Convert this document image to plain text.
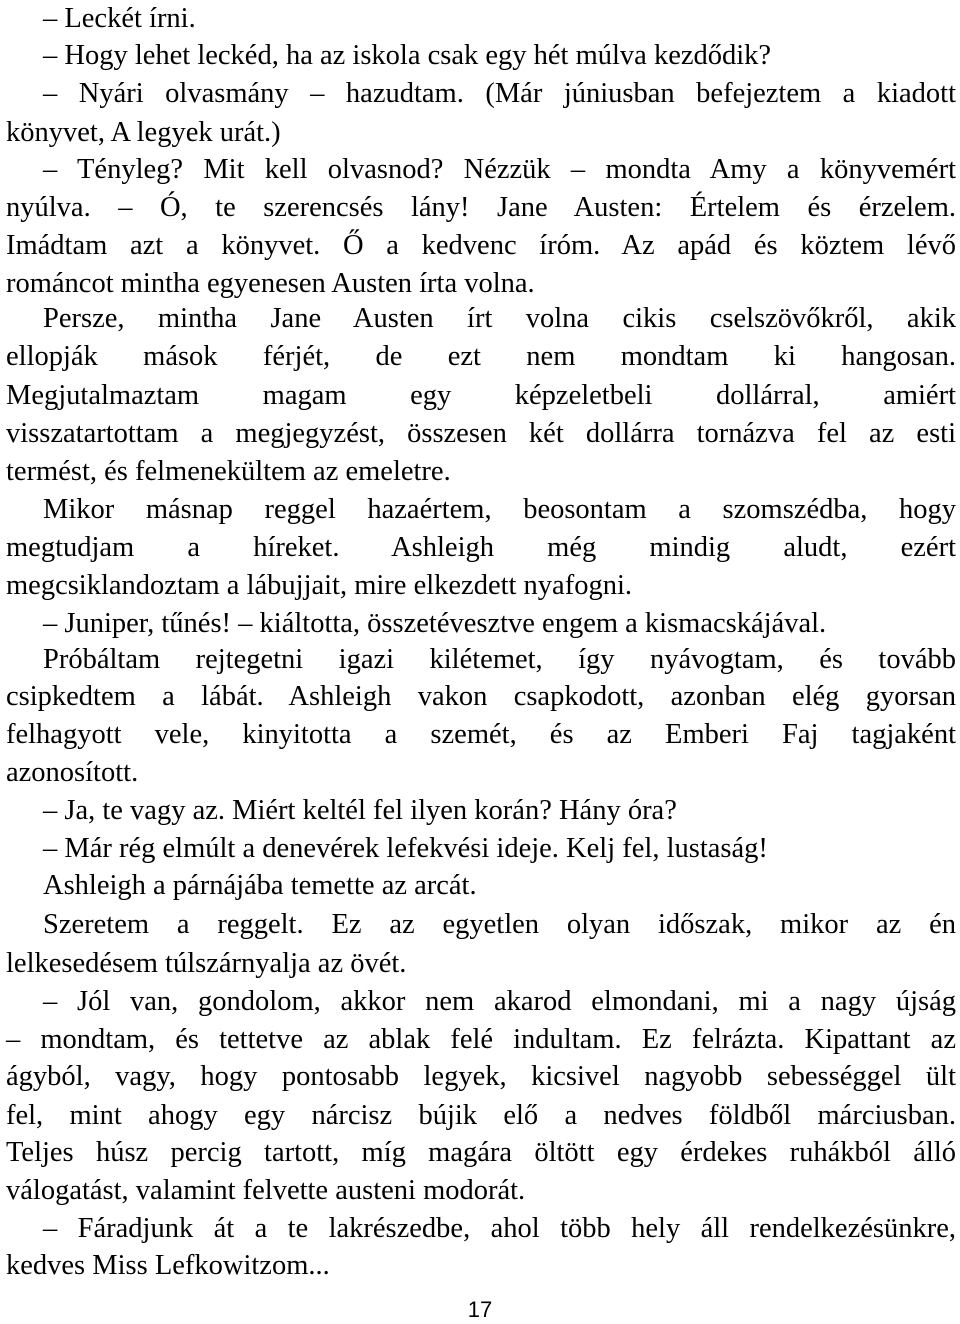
– Leckét írni.
– Hogy lehet leckéd, ha az iskola csak egy hét múlva kezdődik?
– Nyári olvasmány – hazudtam. (Már júniusban befejeztem a kiadott
könyvet, A legyek urát.)
– Tényleg? Mit kell olvasnod? Nézzük – mondta Amy a könyvemért
nyúlva. – Ó, te szerencsés lány! Jane Austen: Értelem és érzelem.
Imádtam azt a könyvet. Ő a kedvenc íróm. Az apád és köztem lévő
románcot mintha egyenesen Austen írta volna.
Persze, mintha Jane Austen írt volna cikis cselszövőkről, akik
ellopják mások férjét, de ezt nem mondtam ki hangosan.
Megjutalmaztam magam egy képzeletbeli dollárral, amiért
visszatartottam a megjegyzést, összesen két dollárra tornázva fel az esti
termést, és felmenekültem az emeletre.
Mikor másnap reggel hazaértem, beosontam a szomszédba, hogy
megtudjam a híreket. Ashleigh még mindig aludt, ezért
megcsiklandoztam a lábujjait, mire elkezdett nyafogni.
– Juniper, tűnés! – kiáltotta, összetévesztve engem a kismacskájával.
Próbáltam rejtegetni igazi kilétemet, így nyávogtam, és tovább
csipkedtem a lábát. Ashleigh vakon csapkodott, azonban elég gyorsan
felhagyott vele, kinyitotta a szemét, és az Emberi Faj tagjaként
azonosított.
– Ja, te vagy az. Miért keltél fel ilyen korán? Hány óra?
– Már rég elmúlt a denevérek lefekvési ideje. Kelj fel, lustaság!
Ashleigh a párnájába temette az arcát.
Szeretem a reggelt. Ez az egyetlen olyan időszak, mikor az én
lelkesedésem túlszárnyalja az övét.
– Jól van, gondolom, akkor nem akarod elmondani, mi a nagy újság
– mondtam, és tettetve az ablak felé indultam. Ez felrázta. Kipattant az
ágyból, vagy, hogy pontosabb legyek, kicsivel nagyobb sebességgel ült
fel, mint ahogy egy nárcisz bújik elő a nedves földből márciusban.
Teljes húsz percig tartott, míg magára öltött egy érdekes ruhákból álló
válogatást, valamint felvette austeni modorát.
– Fáradjunk át a te lakrészedbe, ahol több hely áll rendelkezésünkre,
kedves Miss Lefkowitzom...
17
